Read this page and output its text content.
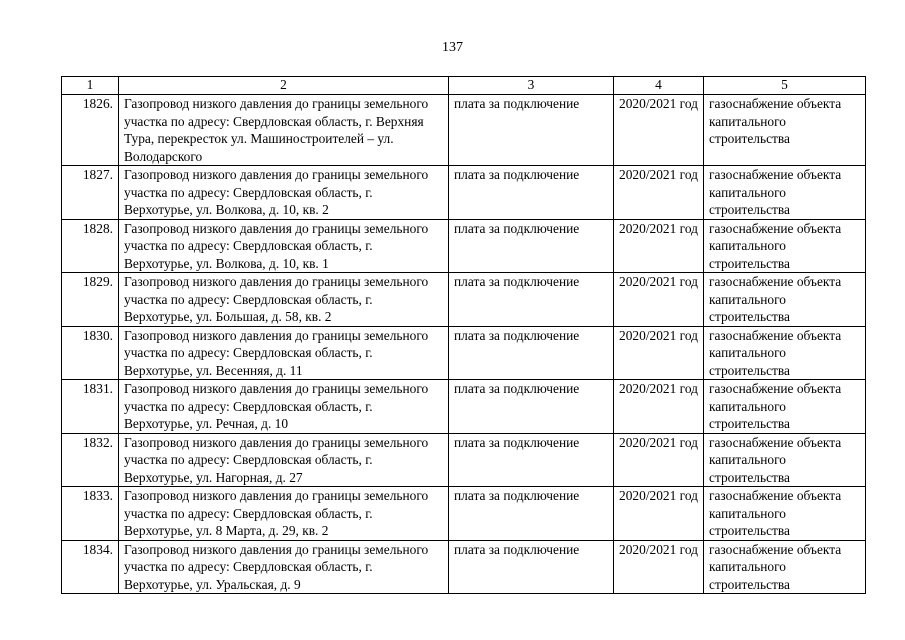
137
1	2	3	4	5
1826.	Газопровод низкого давления до границы земельного участка по адресу: Свердловская область, г. Верхняя Тура, перекресток ул. Машиностроителей – ул. Володарского	плата за подключение	2020/2021 год	газоснабжение объекта капитального строительства
1827.	Газопровод низкого давления до границы земельного участка по адресу: Свердловская область, г. Верхотурье, ул. Волкова, д. 10, кв. 2	плата за подключение	2020/2021 год	газоснабжение объекта капитального строительства
1828.	Газопровод низкого давления до границы земельного участка по адресу: Свердловская область, г. Верхотурье, ул. Волкова, д. 10, кв. 1	плата за подключение	2020/2021 год	газоснабжение объекта капитального строительства
1829.	Газопровод низкого давления до границы земельного участка по адресу: Свердловская область, г. Верхотурье, ул. Большая, д. 58, кв. 2	плата за подключение	2020/2021 год	газоснабжение объекта капитального строительства
1830.	Газопровод низкого давления до границы земельного участка по адресу: Свердловская область, г. Верхотурье, ул. Весенняя, д. 11	плата за подключение	2020/2021 год	газоснабжение объекта капитального строительства
1831.	Газопровод низкого давления до границы земельного участка по адресу: Свердловская область, г. Верхотурье, ул. Речная, д. 10	плата за подключение	2020/2021 год	газоснабжение объекта капитального строительства
1832.	Газопровод низкого давления до границы земельного участка по адресу: Свердловская область, г. Верхотурье, ул. Нагорная, д. 27	плата за подключение	2020/2021 год	газоснабжение объекта капитального строительства
1833.	Газопровод низкого давления до границы земельного участка по адресу: Свердловская область, г. Верхотурье, ул. 8 Марта, д. 29, кв. 2	плата за подключение	2020/2021 год	газоснабжение объекта капитального строительства
1834.	Газопровод низкого давления до границы земельного участка по адресу: Свердловская область, г. Верхотурье, ул. Уральская, д. 9	плата за подключение	2020/2021 год	газоснабжение объекта капитального строительства
